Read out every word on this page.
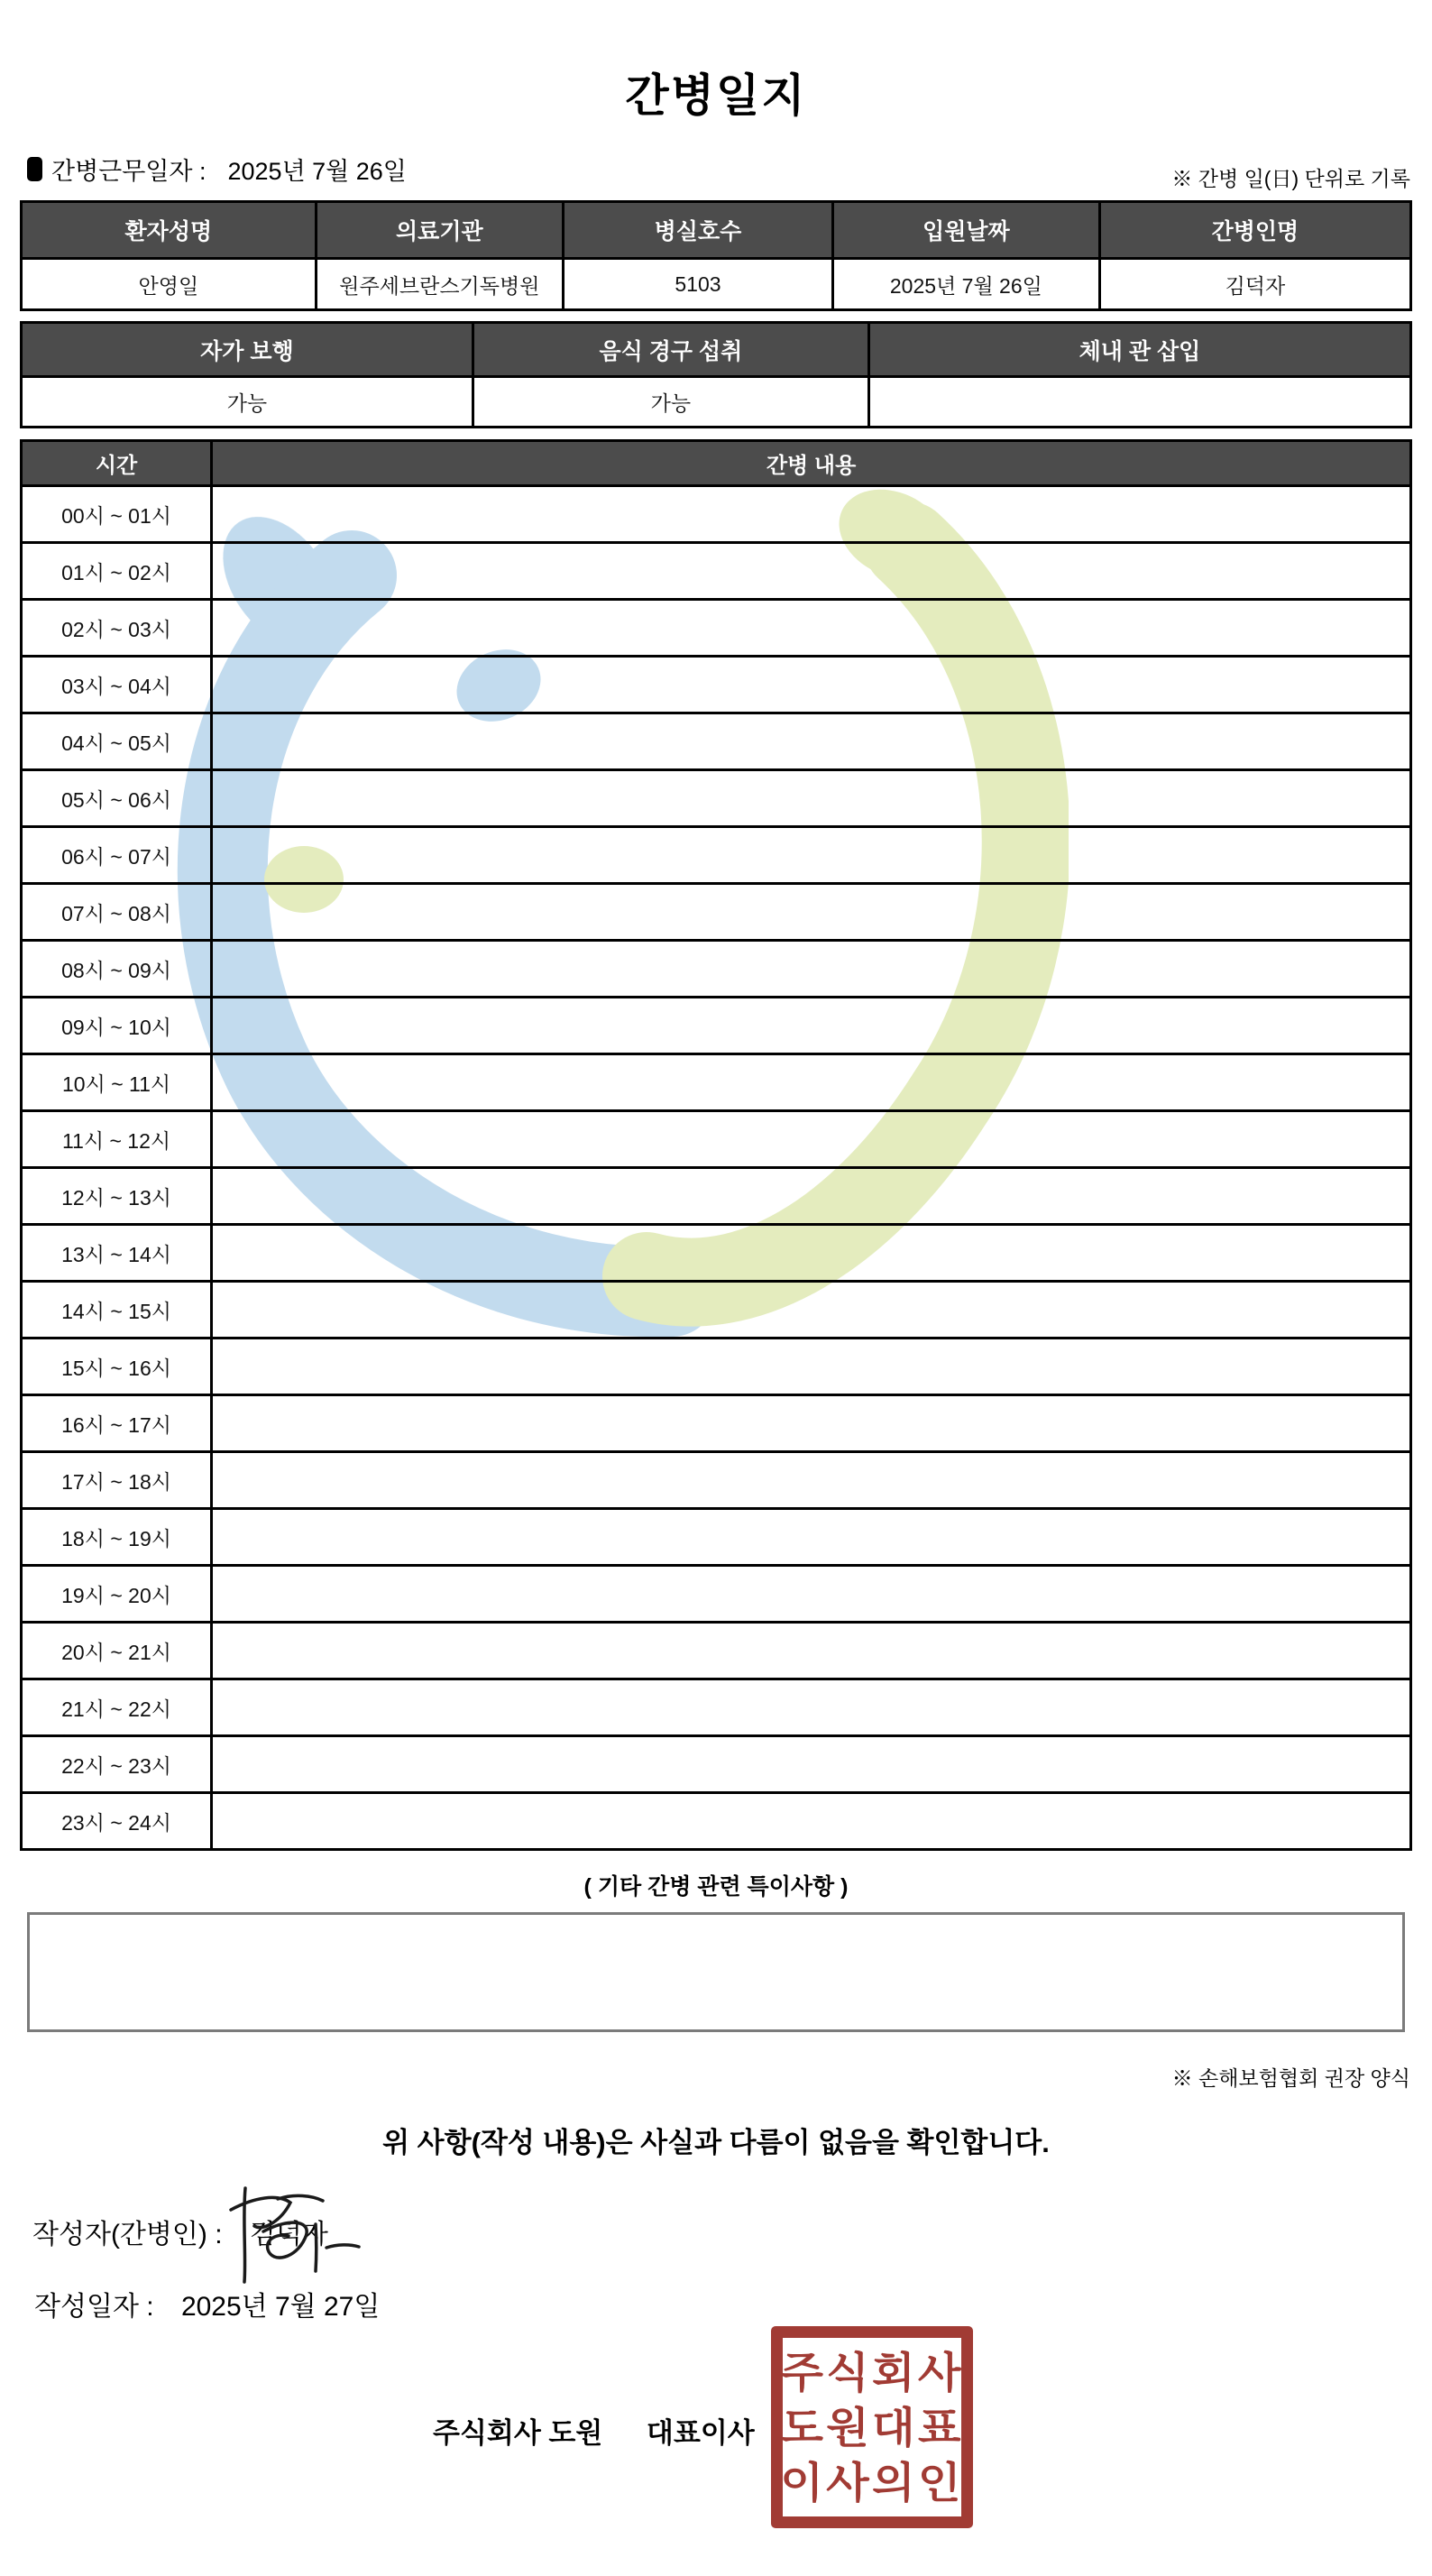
간병일지
간병근무일자 : 2025년 7월 26일	※ 간병 일(日) 단위로 기록
환자성명	의료기관	병실호수	입원날짜	간병인명
안영일	원주세브란스기독병원	5103	2025년 7월 26일	김덕자
자가 보행	음식 경구 섭취	체내 관 삽입
가능	가능	
시간	간병 내용
00시 ~ 01시	
01시 ~ 02시	
02시 ~ 03시	
03시 ~ 04시	
04시 ~ 05시	
05시 ~ 06시	
06시 ~ 07시	
07시 ~ 08시	
08시 ~ 09시	
09시 ~ 10시	
10시 ~ 11시	
11시 ~ 12시	
12시 ~ 13시	
13시 ~ 14시	
14시 ~ 15시	
15시 ~ 16시	
16시 ~ 17시	
17시 ~ 18시	
18시 ~ 19시	
19시 ~ 20시	
20시 ~ 21시	
21시 ~ 22시	
22시 ~ 23시	
23시 ~ 24시	
( 기타 간병 관련 특이사항 )
※ 손해보험협회 권장 양식
위 사항(작성 내용)은 사실과 다름이 없음을 확인합니다.
작성자(간병인) : 김덕자
작성일자 : 2025년 7월 27일
주식회사 도원 대표이사
주식회사
도원대표
이사의인
